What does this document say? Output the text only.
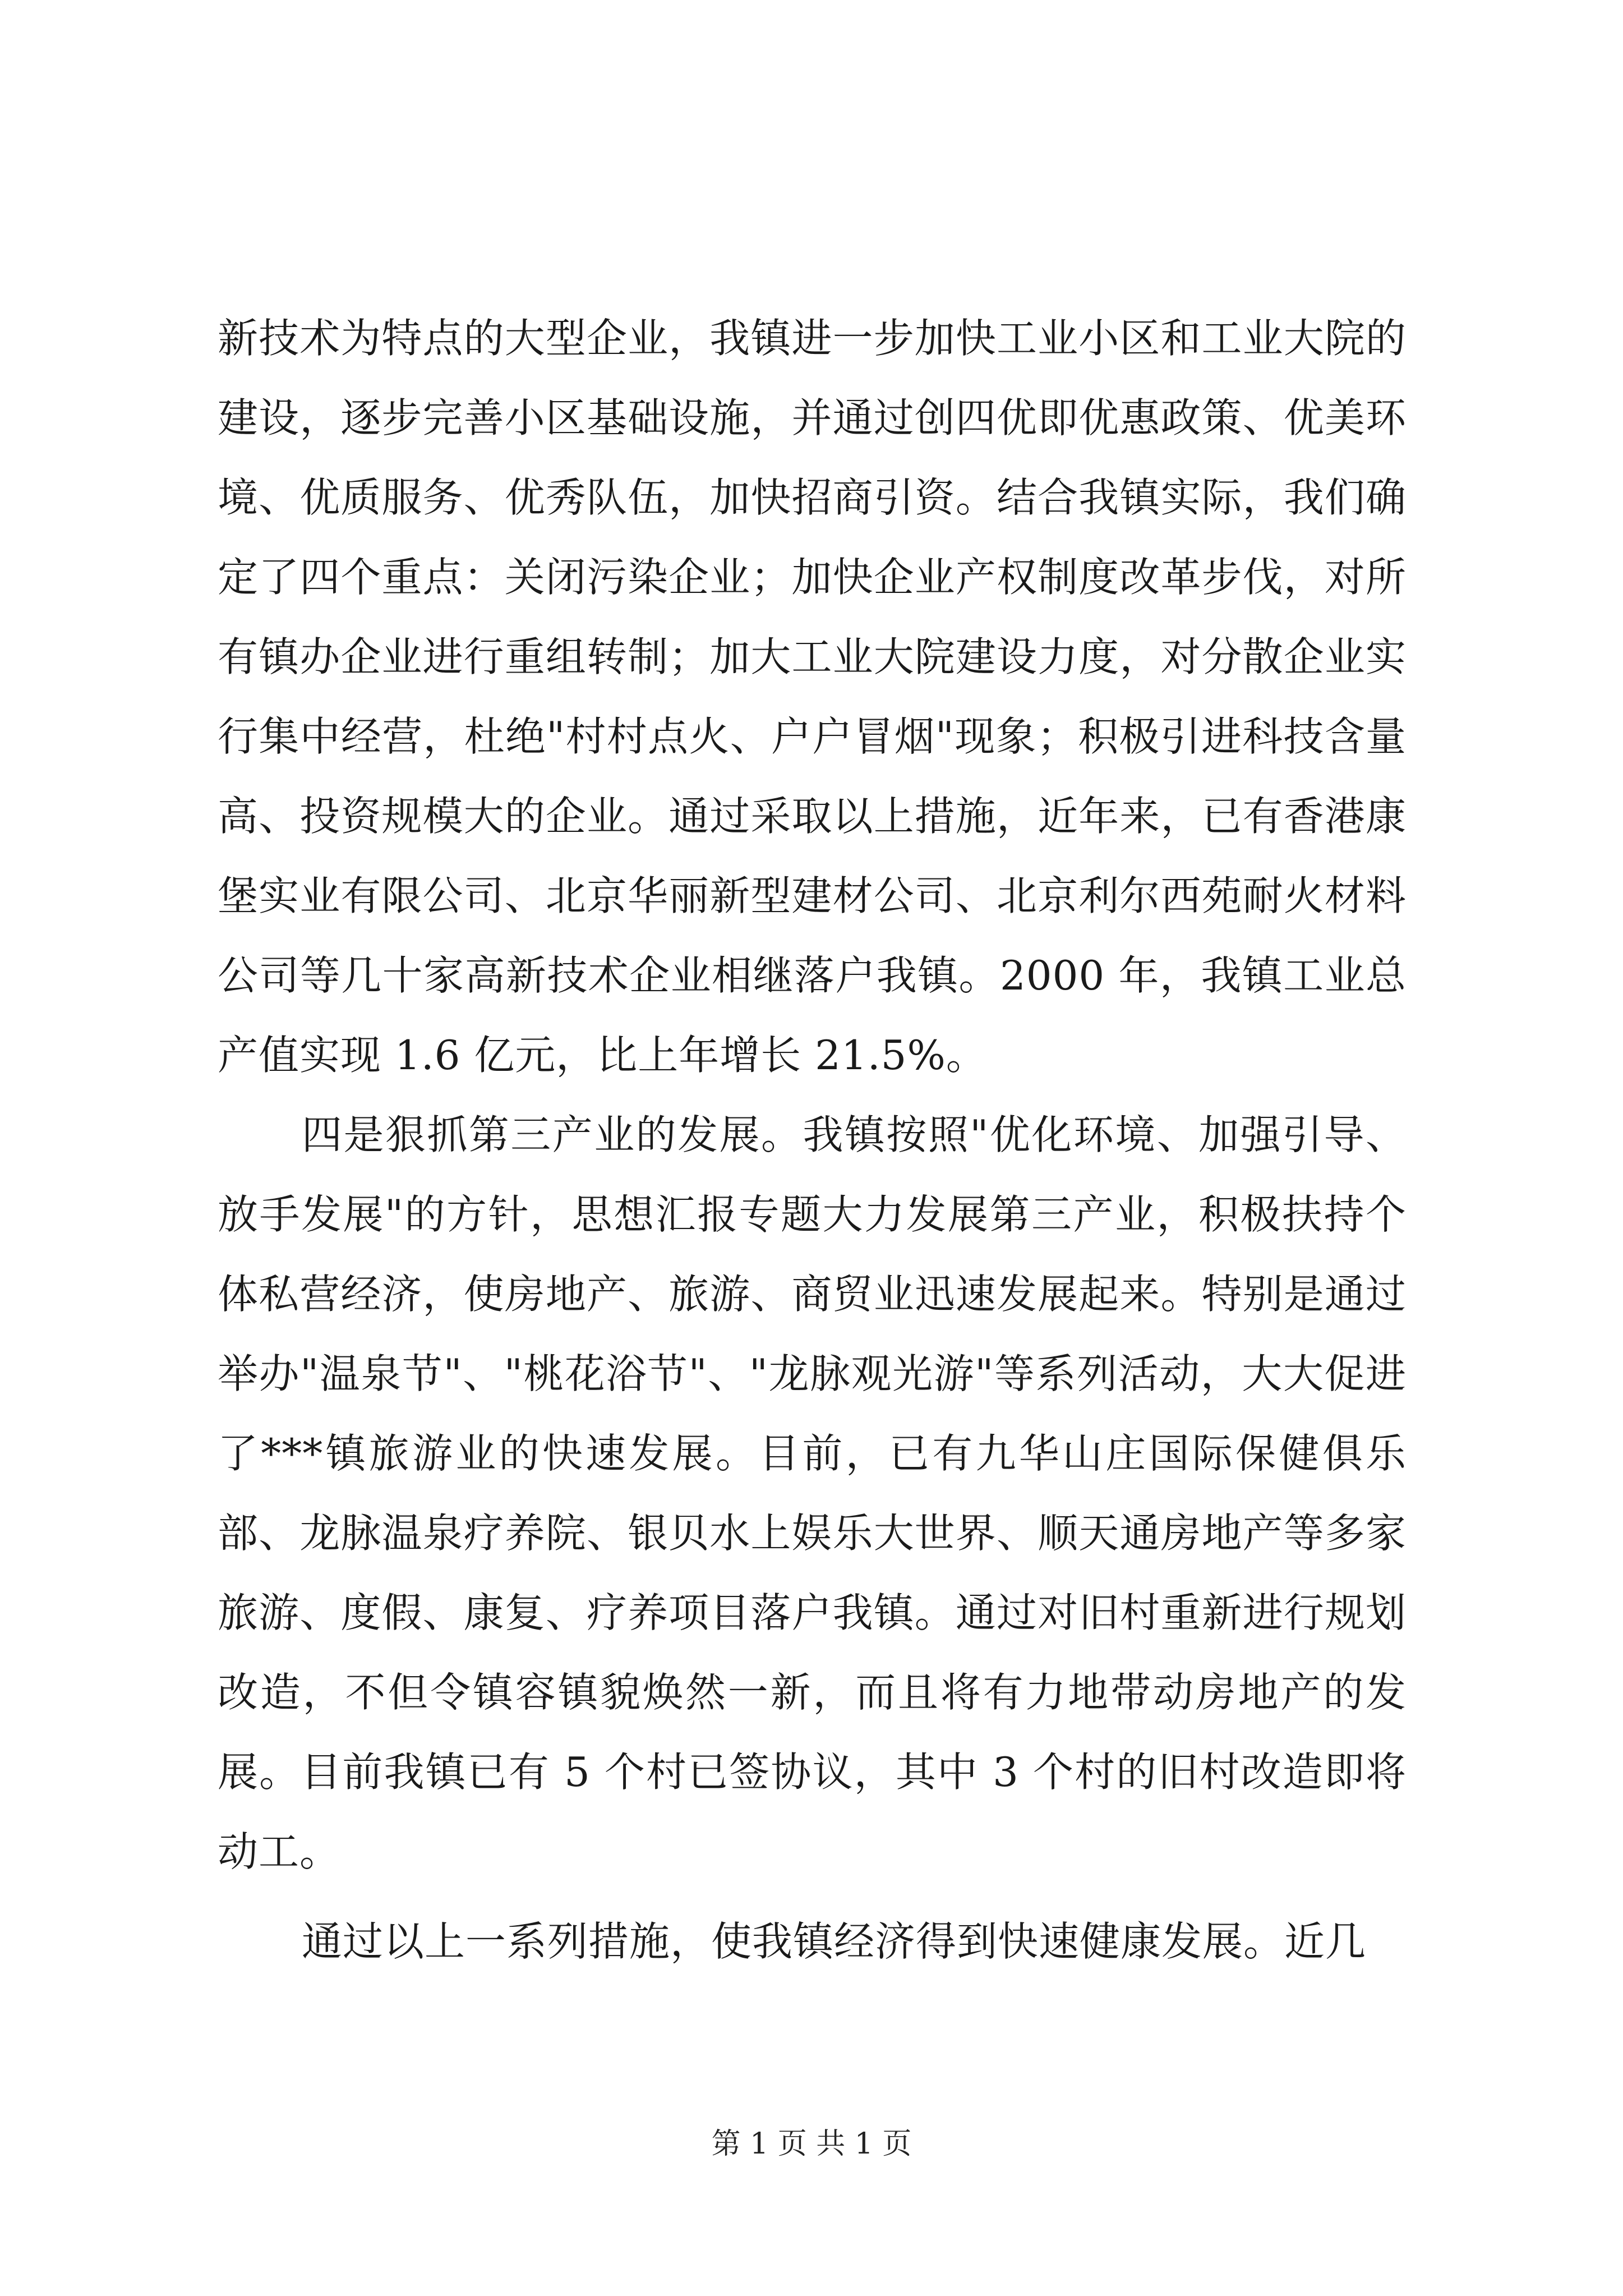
新技术为特点的大型企业，我镇进一步加快工业小区和工业大院的建设，逐步完善小区基础设施，并通过创四优即优惠政策、优美环境、优质服务、优秀队伍，加快招商引资。结合我镇实际，我们确定了四个重点：关闭污染企业；加快企业产权制度改革步伐，对所有镇办企业进行重组转制；加大工业大院建设力度，对分散企业实行集中经营，杜绝"村村点火、户户冒烟"现象；积极引进科技含量高、投资规模大的企业。通过采取以上措施，近年来，已有香港康堡实业有限公司、北京华丽新型建材公司、北京利尔西苑耐火材料公司等几十家高新技术企业相继落户我镇。2000 年，我镇工业总产值实现 1.6 亿元，比上年增长 21.5%。

四是狠抓第三产业的发展。我镇按照"优化环境、加强引导、放手发展"的方针，思想汇报专题大力发展第三产业，积极扶持个体私营经济，使房地产、旅游、商贸业迅速发展起来。特别是通过举办"温泉节"、"桃花浴节"、"龙脉观光游"等系列活动，大大促进了***镇旅游业的快速发展。目前，已有九华山庄国际保健俱乐部、龙脉温泉疗养院、银贝水上娱乐大世界、顺天通房地产等多家旅游、度假、康复、疗养项目落户我镇。通过对旧村重新进行规划改造，不但令镇容镇貌焕然一新，而且将有力地带动房地产的发展。目前我镇已有 5 个村已签协议，其中 3 个村的旧村改造即将动工。

通过以上一系列措施，使我镇经济得到快速健康发展。近几

第 1 页 共 1 页
